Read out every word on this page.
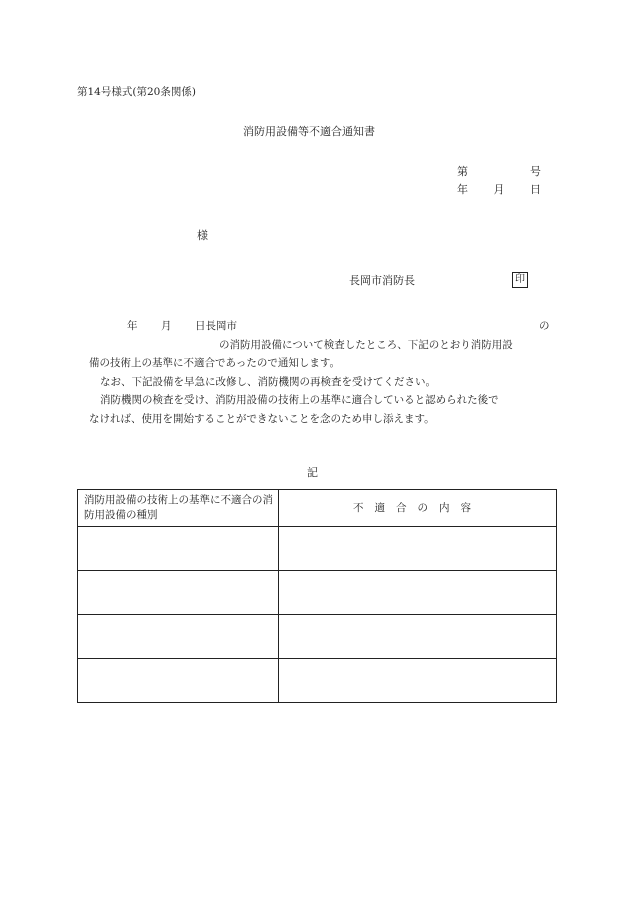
第14号様式(第20条関係)
消防用設備等不適合通知書
第	号
年 月 日
様
長岡市消防長	印
年 月 日長岡市	の
の消防用設備について検査したところ、下記のとおり消防用設
備の技術上の基準に不適合であったので通知します。
なお、下記設備を早急に改修し、消防機関の再検査を受けてください。
消防機関の検査を受け、消防用設備の技術上の基準に適合していると認められた後で
なければ、使用を開始することができないことを念のため申し添えます。
記
消防用設備の技術上の基準に不適合の消防用設備の種別	不適合の内容
